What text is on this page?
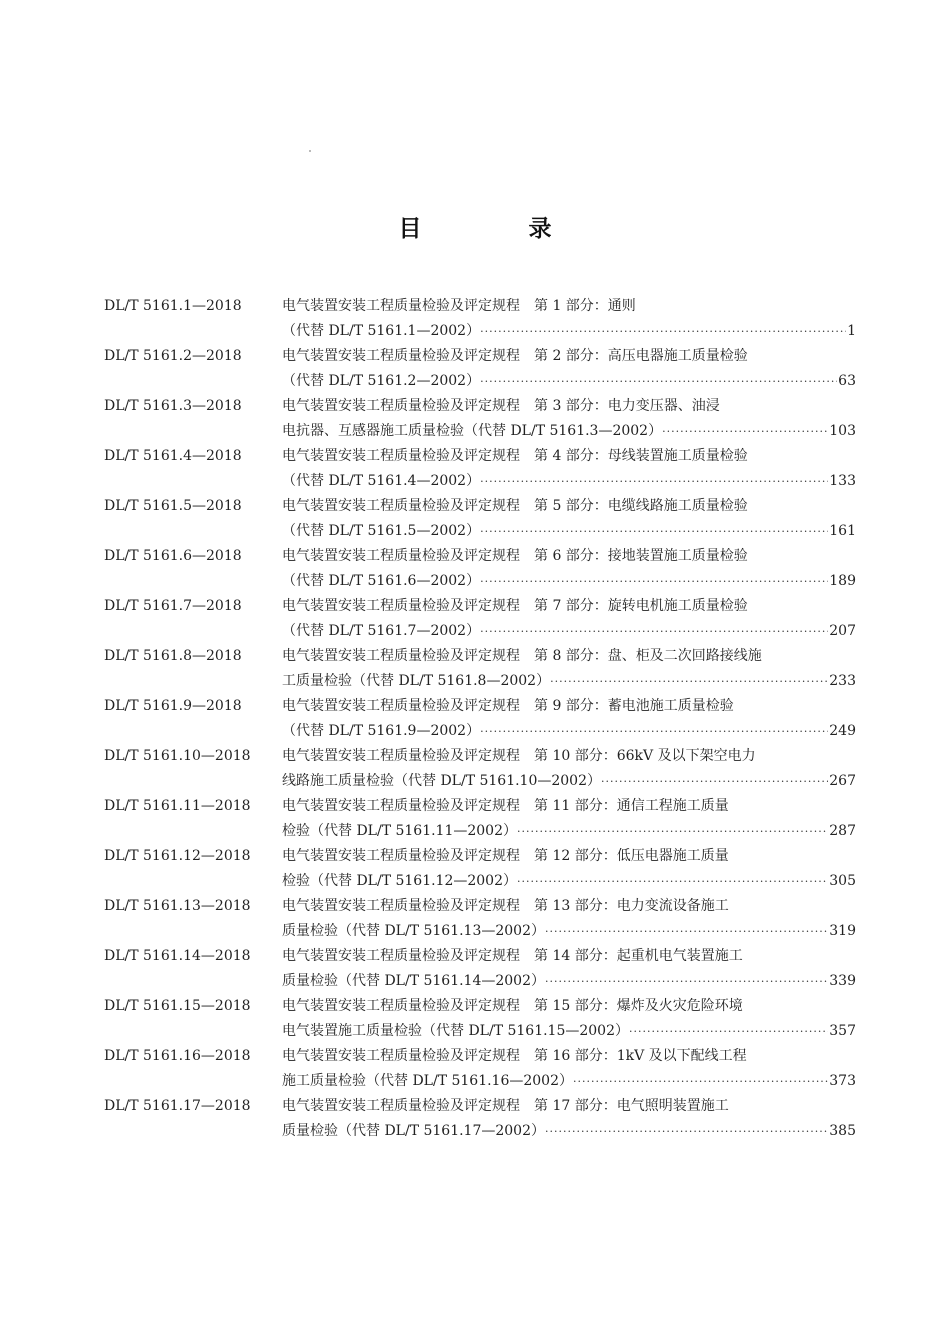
目　录
DL/T 5161.1—2018	电气装置安装工程质量检验及评定规程　第 1 部分：通则
（代替 DL/T 5161.1—2002） ·····	1
DL/T 5161.2—2018	电气装置安装工程质量检验及评定规程　第 2 部分：高压电器施工质量检验
（代替 DL/T 5161.2—2002） ·····	63
DL/T 5161.3—2018	电气装置安装工程质量检验及评定规程　第 3 部分：电力变压器、油浸
电抗器、互感器施工质量检验（代替 DL/T 5161.3—2002） ·····	103
DL/T 5161.4—2018	电气装置安装工程质量检验及评定规程　第 4 部分：母线装置施工质量检验
（代替 DL/T 5161.4—2002） ·····	133
DL/T 5161.5—2018	电气装置安装工程质量检验及评定规程　第 5 部分：电缆线路施工质量检验
（代替 DL/T 5161.5—2002） ·····	161
DL/T 5161.6—2018	电气装置安装工程质量检验及评定规程　第 6 部分：接地装置施工质量检验
（代替 DL/T 5161.6—2002） ·····	189
DL/T 5161.7—2018	电气装置安装工程质量检验及评定规程　第 7 部分：旋转电机施工质量检验
（代替 DL/T 5161.7—2002） ·····	207
DL/T 5161.8—2018	电气装置安装工程质量检验及评定规程　第 8 部分：盘、柜及二次回路接线施
工质量检验（代替 DL/T 5161.8—2002） ·····	233
DL/T 5161.9—2018	电气装置安装工程质量检验及评定规程　第 9 部分：蓄电池施工质量检验
（代替 DL/T 5161.9—2002） ·····	249
DL/T 5161.10—2018	电气装置安装工程质量检验及评定规程　第 10 部分：66kV 及以下架空电力
线路施工质量检验（代替 DL/T 5161.10—2002） ·····	267
DL/T 5161.11—2018	电气装置安装工程质量检验及评定规程　第 11 部分：通信工程施工质量
检验（代替 DL/T 5161.11—2002） ·····	287
DL/T 5161.12—2018	电气装置安装工程质量检验及评定规程　第 12 部分：低压电器施工质量
检验（代替 DL/T 5161.12—2002） ·····	305
DL/T 5161.13—2018	电气装置安装工程质量检验及评定规程　第 13 部分：电力变流设备施工
质量检验（代替 DL/T 5161.13—2002） ·····	319
DL/T 5161.14—2018	电气装置安装工程质量检验及评定规程　第 14 部分：起重机电气装置施工
质量检验（代替 DL/T 5161.14—2002） ·····	339
DL/T 5161.15—2018	电气装置安装工程质量检验及评定规程　第 15 部分：爆炸及火灾危险环境
电气装置施工质量检验（代替 DL/T 5161.15—2002） ·····	357
DL/T 5161.16—2018	电气装置安装工程质量检验及评定规程　第 16 部分：1kV 及以下配线工程
施工质量检验（代替 DL/T 5161.16—2002） ·····	373
DL/T 5161.17—2018	电气装置安装工程质量检验及评定规程　第 17 部分：电气照明装置施工
质量检验（代替 DL/T 5161.17—2002） ·····	385
